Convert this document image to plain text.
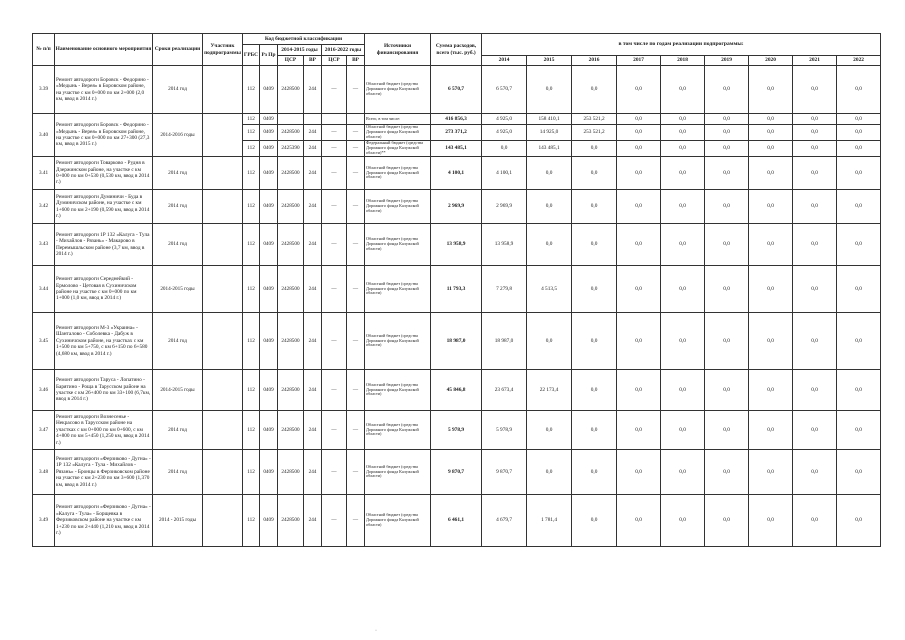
№ п/п	Наименование основного мероприятия	Сроки реализации	Участник подпрограммы	Код бюджетной классификации						Источники финансирования	Сумма расходов, всего (тыс. руб.)	в том числе по годам реализации подпрограммы:								
				ГРБС	Рз Пр	2014-2015 годы		2016-2022 годы												
						ЦСР	ВР	ЦСР	ВР			2014	2015	2016	2017	2018	2019	2020	2021	2022
3.39	Ремонт автодороги Боровск - Федорино - «Медынь - Верея» в Боровском районе, на участке с км 0+000 по км 2+000 (2,0 км, ввод в 2014 г.)	2014 год		112	0409	2428500	244	—	—	Областной бюджет (средства Дорожного фонда Калужской области)	6 570,7	6 570,7	0,0	0,0	0,0	0,0	0,0	0,0	0,0	0,0
3.40	Ремонт автодороги Боровск - Федорино - «Медынь - Верея» в Боровском районе, на участке с км 0+000 по км 27+300 (27,3 км, ввод в 2015 г.)	2014-2016 годы		112	0409					Всего, в том числе:	416 856,3	4 925,0	158 410,1	253 521,2	0,0	0,0	0,0	0,0	0,0	0,0
				112	0409	2428500	244	—	—	Областной бюджет (средства Дорожного фонда Калужской области)	273 371,2	4 925,0	14 925,0	253 521,2	0,0	0,0	0,0	0,0	0,0	0,0
				112	0409	2425390	244	—	—	Федеральный бюджет (средства Дорожного фонда Калужской области)**	143 485,1	0,0	143 485,1	0,0	0,0	0,0	0,0	0,0	0,0	0,0
3.41	Ремонт автодороги Товарково - Рудня в Дзержинском районе, на участке с км 0+000 по км 0+530 (0,530 км, ввод в 2014 г.)	2014 год		112	0409	2428500	244	—	—	Областной бюджет (средства Дорожного фонда Калужской области)	4 100,1	4 100,1	0,0	0,0	0,0	0,0	0,0	0,0	0,0	0,0
3.42	Ремонт автодороги Думиничи - Буда в Думиничском районе, на участке с км 1+600 по км 2+190 (0,590 км, ввод в 2014 г.)	2014 год		112	0409	2428500	244	—	—	Областной бюджет (средства Дорожного фонда Калужской области)	2 969,9	2 969,9	0,0	0,0	0,0	0,0	0,0	0,0	0,0	0,0
3.43	Ремонт автодороги 1Р 132 «Калуга - Тула - Михайлов - Рязань» - Макарово в Перемышльском районе (3,7 км, ввод в 2014 г.)	2014 год		112	0409	2428500	244	—	—	Областной бюджет (средства Дорожного фонда Калужской области)	13 958,9	13 958,9	0,0	0,0	0,0	0,0	0,0	0,0	0,0	0,0
3.44	Ремонт автодороги Середнейкий - Ермолово - Цетовая в Сухиничском районе на участке с км 0+000 по км 1+000 (1,0 км, ввод в 2014 г.)	2014-2015 годы		112	0409	2428500	244	—	—	Областной бюджет (средства Дорожного фонда Калужской области)	11 793,3	7 279,8	4 513,5	0,0	0,0	0,0	0,0	0,0	0,0	0,0
3.45	Ремонт автодороги М-3 «Украина» - Шанталово - Соболевка - Дабуж в Сухиничском районе, на участках с км 1+500 по км 5+750, с км 6+150 по 6+580 (4,680 км, ввод в 2014 г.)	2014 год		112	0409	2428500	244	—	—	Областной бюджет (средства Дорожного фонда Калужской области)	18 987,0	18 987,0	0,0	0,0	0,0	0,0	0,0	0,0	0,0	0,0
3.46	Ремонт автодороги Таруса - Лопатино - Барятино - Роща в Тарусском районе на участке с км 26+400 по км 33+100 (6,7км, ввод в 2014 г.)	2014-2015 годы		112	0409	2428500	244	—	—	Областной бюджет (средства Дорожного фонда Калужской области)	45 846,8	23 673,4	22 173,4	0,0	0,0	0,0	0,0	0,0	0,0	0,0
3.47	Ремонт автодороги Вознесенье - Некрасово в Тарусском районе на участках с км 0+000 по км 0+600, с км 4+800 по км 5+450 (1,250 км, ввод в 2014 г.)	2014 год		112	0409	2428500	244	—	—	Областной бюджет (средства Дорожного фонда Калужской области)	5 978,9	5 978,9	0,0	0,0	0,0	0,0	0,0	0,0	0,0	0,0
3.48	Ремонт автодороги «Ферзиково - Дугна» - 1Р 132 «Калуга - Тула - Михайлов - Рязань» - Бронцы в Ферзиковском районе на участке с км 2+230 по км 3+600 (1,370 км, ввод в 2014 г.)	2014 год		112	0409	2428500	244	—	—	Областной бюджет (средства Дорожного фонда Калужской области)	9 870,7	9 870,7	0,0	0,0	0,0	0,0	0,0	0,0	0,0	0,0
3.49	Ремонт автодороги «Ферзиково - Дугна» - «Калуга - Тула» - Борщевка в Ферзиковском районе на участке с км 1+230 по км 2+440 (1,210 км, ввод в 2014 г.)	2014 - 2015 годы		112	0409	2428500	244	—	—	Областной бюджет (средства Дорожного фонда Калужской области)	6 461,1	4 679,7	1 781,4	0,0	0,0	0,0	0,0	0,0	0,0	0,0
·
